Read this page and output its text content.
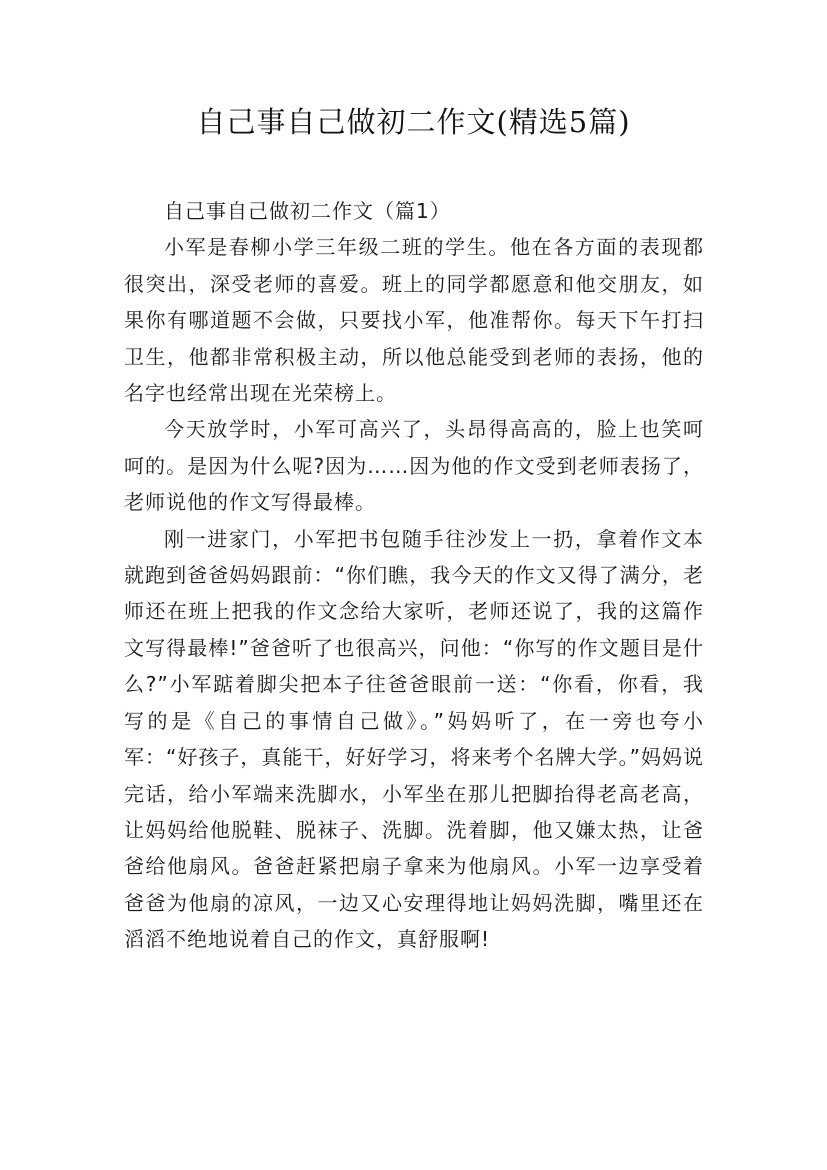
自己事自己做初二作文(精选5篇)

自己事自己做初二作文（篇1）

小军是春柳小学三年级二班的学生。他在各方面的表现都很突出，深受老师的喜爱。班上的同学都愿意和他交朋友，如果你有哪道题不会做，只要找小军，他准帮你。每天下午打扫卫生，他都非常积极主动，所以他总能受到老师的表扬，他的名字也经常出现在光荣榜上。

今天放学时，小军可高兴了，头昂得高高的，脸上也笑呵呵的。是因为什么呢?因为……因为他的作文受到老师表扬了，老师说他的作文写得最棒。

刚一进家门，小军把书包随手往沙发上一扔，拿着作文本就跑到爸爸妈妈跟前：“你们瞧，我今天的作文又得了满分，老师还在班上把我的作文念给大家听，老师还说了，我的这篇作文写得最棒!”爸爸听了也很高兴，问他：“你写的作文题目是什么?”小军踮着脚尖把本子往爸爸眼前一送：“你看，你看，我写的是《自己的事情自己做》。”妈妈听了，在一旁也夸小军：“好孩子，真能干，好好学习，将来考个名牌大学。”妈妈说完话，给小军端来洗脚水，小军坐在那儿把脚抬得老高老高，让妈妈给他脱鞋、脱袜子、洗脚。洗着脚，他又嫌太热，让爸爸给他扇风。爸爸赶紧把扇子拿来为他扇风。小军一边享受着爸爸为他扇的凉风，一边又心安理得地让妈妈洗脚，嘴里还在滔滔不绝地说着自己的作文，真舒服啊!
